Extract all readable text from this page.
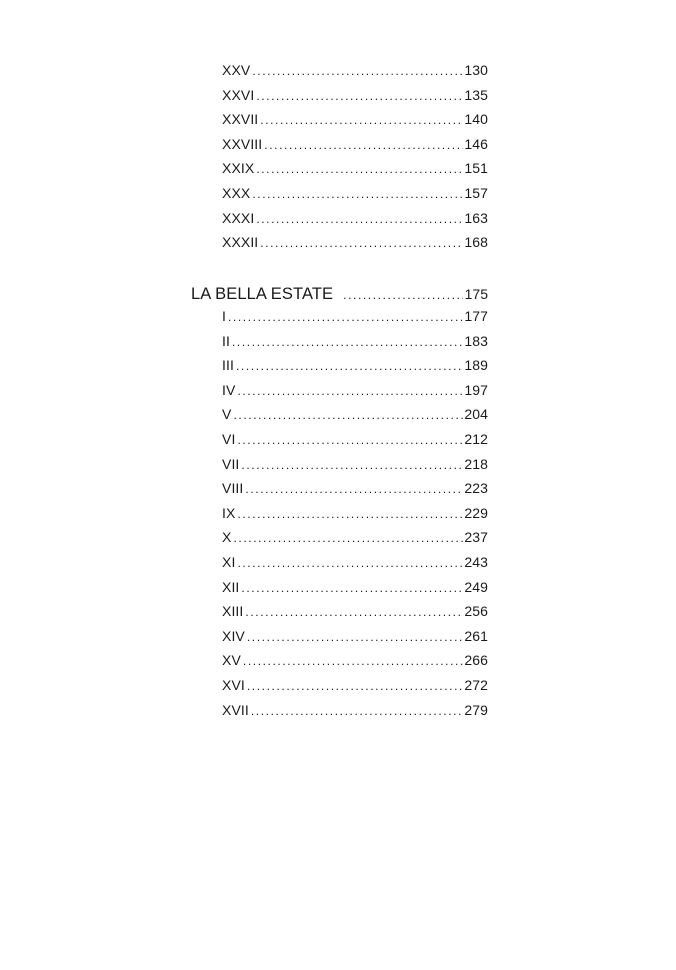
XXV .....	130
XXVI .....	135
XXVII .....	140
XXVIII .....	146
XXIX .....	151
XXX .....	157
XXXI .....	163
XXXII .....	168
LA BELLA ESTATE .....	175
I .....	177
II .....	183
III .....	189
IV .....	197
V .....	204
VI .....	212
VII .....	218
VIII .....	223
IX .....	229
X .....	237
XI .....	243
XII .....	249
XIII .....	256
XIV .....	261
XV .....	266
XVI .....	272
XVII .....	279
